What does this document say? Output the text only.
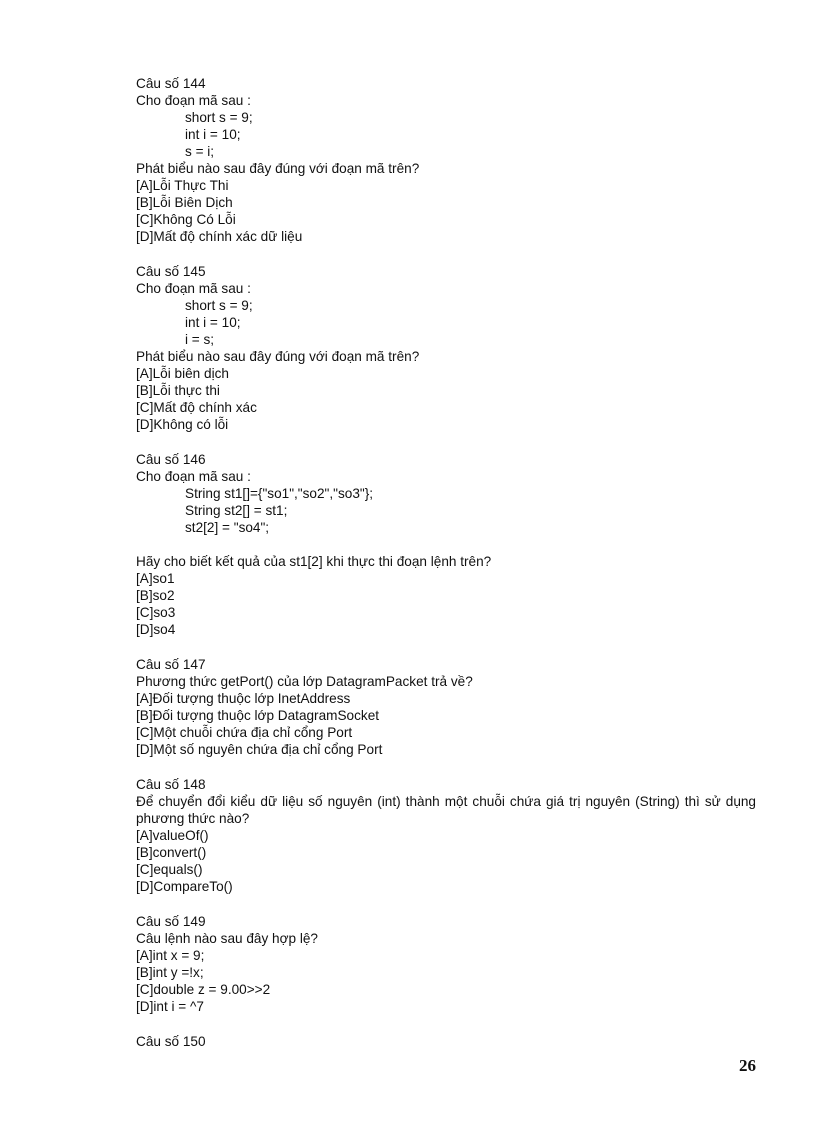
Câu số 144
Cho đoạn mã sau :
short s = 9;
int i = 10;
s = i;
Phát biểu nào sau đây đúng với đoạn mã trên?
[A]Lỗi Thực Thi
[B]Lỗi Biên Dịch
[C]Không Có Lỗi
[D]Mất độ chính xác dữ liệu
Câu số 145
Cho đoạn mã sau :
short s = 9;
int i = 10;
i = s;
Phát biểu nào sau đây đúng với đoạn mã trên?
[A]Lỗi biên dịch
[B]Lỗi thực thi
[C]Mất độ chính xác
[D]Không có lỗi
Câu số 146
Cho đoạn mã sau :
String st1[]={"so1","so2","so3"};
String st2[] = st1;
st2[2] = "so4";
Hãy cho biết kết quả của st1[2] khi thực thi đoạn lệnh trên?
[A]so1
[B]so2
[C]so3
[D]so4
Câu số 147
Phương thức getPort() của lớp DatagramPacket trả về?
[A]Đối tượng thuộc lớp InetAddress
[B]Đối tượng thuộc lớp DatagramSocket
[C]Một chuỗi chứa địa chỉ cổng Port
[D]Một số nguyên chứa địa chỉ cổng Port
Câu số 148
Để chuyển đổi kiểu dữ liệu số nguyên (int) thành một chuỗi chứa giá trị nguyên (String) thì sử dụng phương thức nào?
[A]valueOf()
[B]convert()
[C]equals()
[D]CompareTo()
Câu số 149
Câu lệnh nào sau đây hợp lệ?
[A]int x = 9;
[B]int y =!x;
[C]double z = 9.00>>2
[D]int i = ^7
Câu số 150
26
